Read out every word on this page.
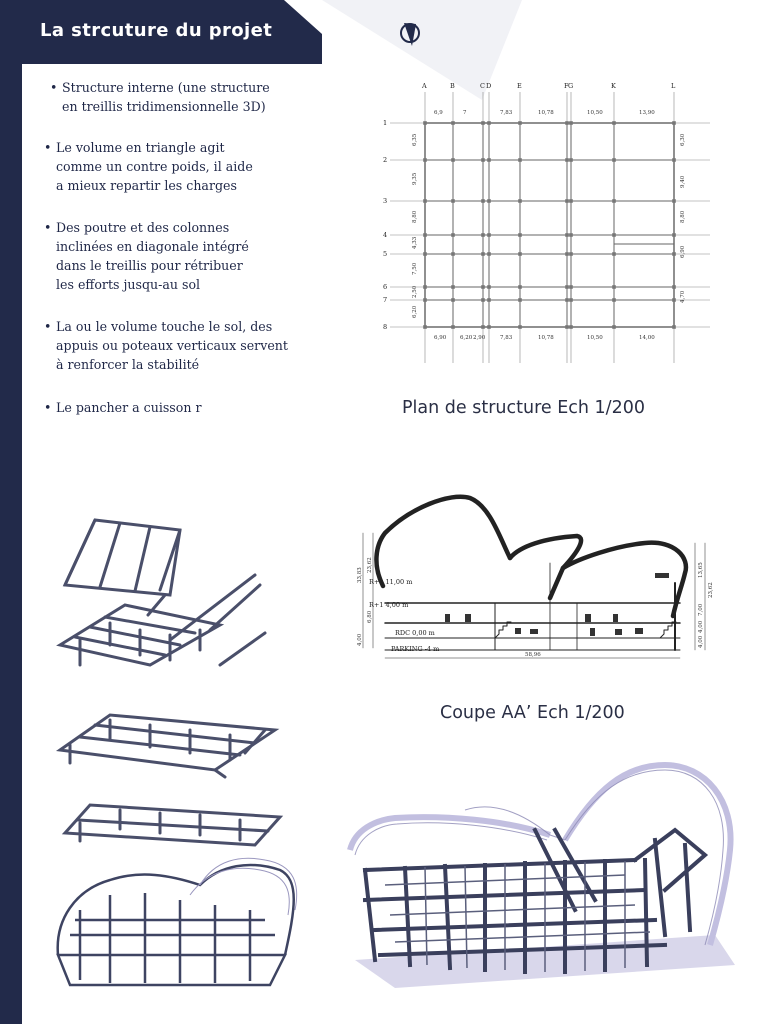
La strcuture du projet
• Structure interne (une structure
en treillis tridimensionnelle 3D)
• Le volume en triangle agit
comme un contre poids, il aide
a mieux repartir les charges
• Des poutre et des colonnes
inclinées en diagonale intégré
dans le treillis pour rétribuer
les efforts jusqu-au sol
• La ou le volume touche le sol, des
appuis ou poteaux verticaux servent
à renforcer la stabilité
• Le pancher a cuisson r
A	B	C D	E	F G	K	L
1
2
3
4
5
6
7
8
6,9	7	7,83	10,78	10,50	13,90
6,90	6,20 2,90	7,83	10,78	10,50	14,00
6,35
9,35
8,80
4,33
7,50
2,50
6,20
6,30
9,40
8,80
6,90
4,70
Plan de structure Ech 1/200
R+2 11,00 m
R+1 4,00 m
RDC 0,00 m
PARKING -4 m
33,83
23,62
6,80
4,00
13,65
23,62
7,00
4,00
4,00
58,96
Coupe AA’ Ech 1/200
